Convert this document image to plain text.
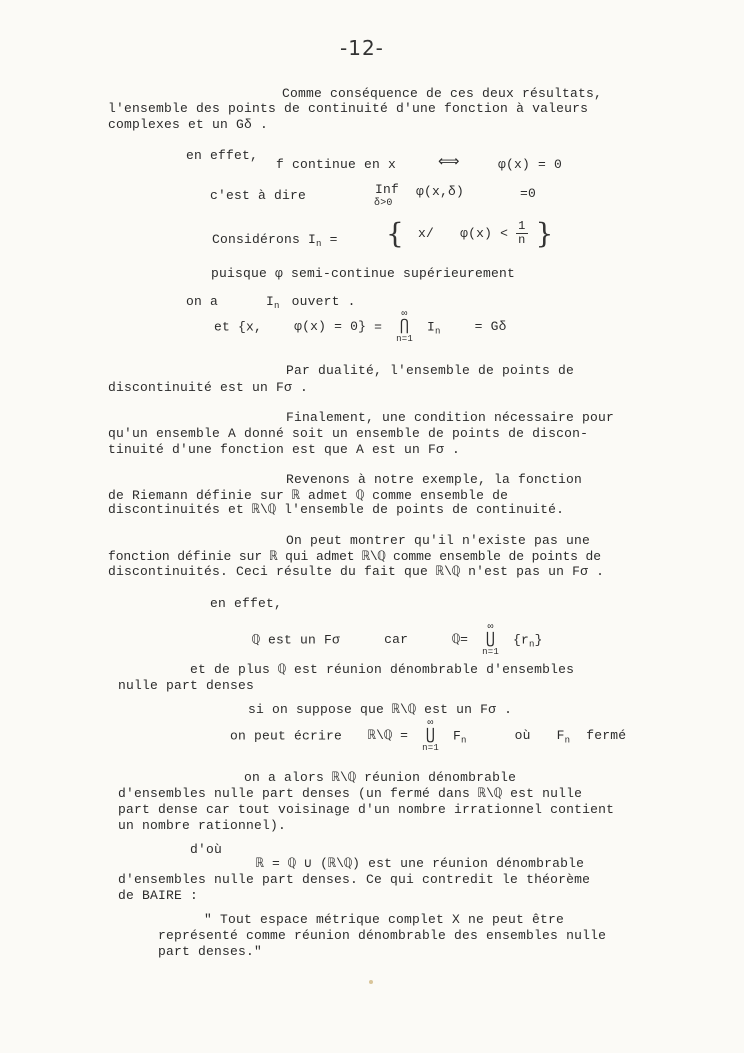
-12-
Comme conséquence de ces deux résultats,
l'ensemble des points de continuité d'une fonction à valeurs
complexes et un Gδ .
en effet,
f continue en x	⟺	φ(x) = 0
c'est à dire	Inf
δ>0
φ(x,δ)	=0
Considérons $I_n$ = { x/ $\varphi(x) < \frac{1}{n}$ }
puisque φ semi-continue supérieurement
on a	$I_n$ ouvert .
et {x, φ(x) = 0} =
∞
⋂
n=1
$I_n$	= Gδ
Par dualité, l'ensemble de points de
discontinuité est un Fσ .
Finalement, une condition nécessaire pour
qu'un ensemble A donné soit un ensemble de points de discon-
tinuité d'une fonction est que A est un Fσ .
Revenons à notre exemple, la fonction
de Riemann définie sur ℝ admet ℚ comme ensemble de
discontinuités et ℝ\ℚ l'ensemble de points de continuité.
On peut montrer qu'il n'existe pas une
fonction définie sur ℝ qui admet ℝ\ℚ comme ensemble de points de
discontinuités. Ceci résulte du fait que ℝ\ℚ n'est pas un Fσ .
en effet,
ℚ est un Fσ	car	ℚ=
∞
⋃
n=1
$\{r_n\}$
et de plus ℚ est réunion dénombrable d'ensembles
nulle part denses
si on suppose que ℝ\ℚ est un Fσ .
on peut écrire ℝ\ℚ =
∞
⋃
n=1
$F_n$	où $F_n$ fermé
on a alors ℝ\ℚ réunion dénombrable
d'ensembles nulle part denses (un fermé dans ℝ\ℚ est nulle
part dense car tout voisinage d'un nombre irrationnel contient
un nombre rationnel).
d'où
ℝ = ℚ ∪ (ℝ\ℚ) est une réunion dénombrable
d'ensembles nulle part denses. Ce qui contredit le théorème
de BAIRE :
" Tout espace métrique complet X ne peut être
représenté comme réunion dénombrable des ensembles nulle
part denses."
